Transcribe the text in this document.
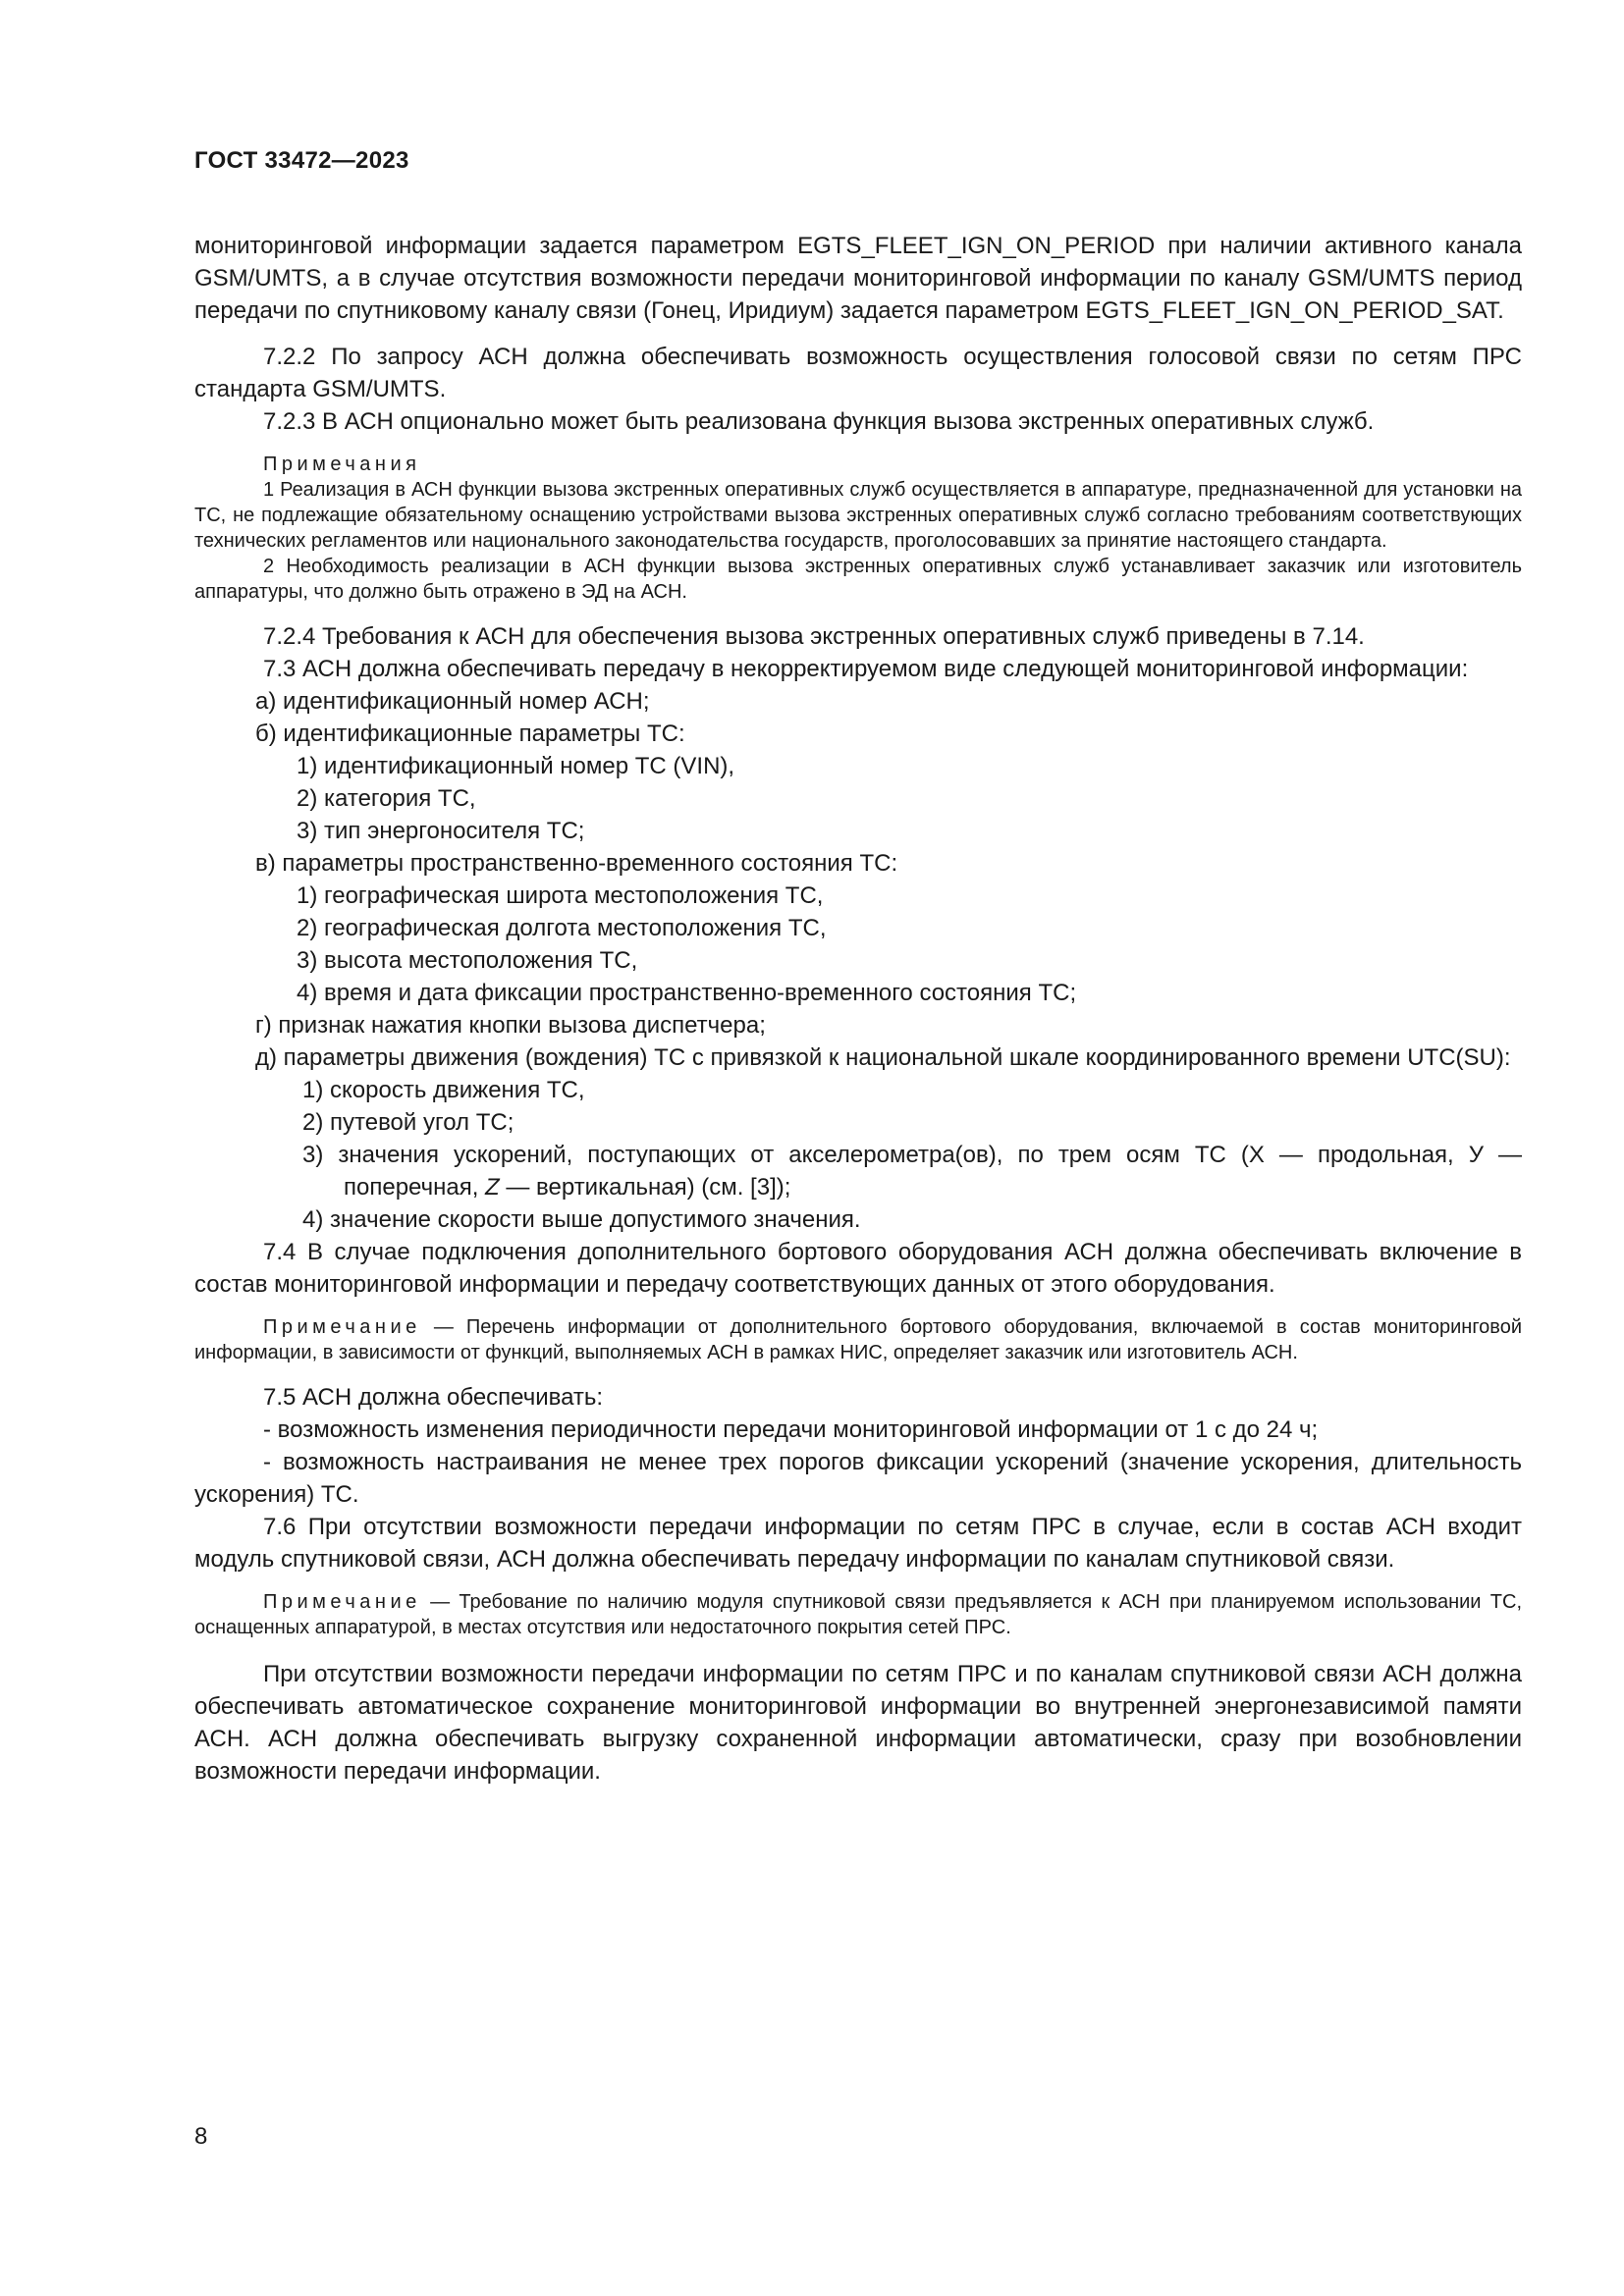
ГОСТ 33472—2023

мониторинговой информации задается параметром EGTS_FLEET_IGN_ON_PERIOD при наличии активного канала GSM/UMTS, а в случае отсутствия возможности передачи мониторинговой информации по каналу GSM/UMTS период передачи по спутниковому каналу связи (Гонец, Иридиум) задается параметром EGTS_FLEET_IGN_ON_PERIOD_SAT.

7.2.2 По запросу АСН должна обеспечивать возможность осуществления голосовой связи по сетям ПРС стандарта GSM/UMTS.

7.2.3 В АСН опционально может быть реализована функция вызова экстренных оперативных служб.

Примечания

1 Реализация в АСН функции вызова экстренных оперативных служб осуществляется в аппаратуре, предназначенной для установки на ТС, не подлежащие обязательному оснащению устройствами вызова экстренных оперативных служб согласно требованиям соответствующих технических регламентов или национального законодательства государств, проголосовавших за принятие настоящего стандарта.

2 Необходимость реализации в АСН функции вызова экстренных оперативных служб устанавливает заказчик или изготовитель аппаратуры, что должно быть отражено в ЭД на АСН.

7.2.4 Требования к АСН для обеспечения вызова экстренных оперативных служб приведены в 7.14.

7.3 АСН должна обеспечивать передачу в некорректируемом виде следующей мониторинговой информации:

а) идентификационный номер АСН;

б) идентификационные параметры ТС:

1) идентификационный номер ТС (VIN),

2) категория ТС,

3) тип энергоносителя ТС;

в) параметры пространственно-временного состояния ТС:

1) географическая широта местоположения ТС,

2) географическая долгота местоположения ТС,

3) высота местоположения ТС,

4) время и дата фиксации пространственно-временного состояния ТС;

г) признак нажатия кнопки вызова диспетчера;

д) параметры движения (вождения) ТС с привязкой к национальной шкале координированного времени UTC(SU):

1) скорость движения ТС,

2) путевой угол ТС;

3) значения ускорений, поступающих от акселерометра(ов), по трем осям ТС (Х — продольная, У — поперечная, Z — вертикальная) (см. [3]);

4) значение скорости выше допустимого значения.

7.4 В случае подключения дополнительного бортового оборудования АСН должна обеспечивать включение в состав мониторинговой информации и передачу соответствующих данных от этого оборудования.

Примечание — Перечень информации от дополнительного бортового оборудования, включаемой в состав мониторинговой информации, в зависимости от функций, выполняемых АСН в рамках НИС, определяет заказчик или изготовитель АСН.

7.5 АСН должна обеспечивать:

- возможность изменения периодичности передачи мониторинговой информации от 1 с до 24 ч;

- возможность настраивания не менее трех порогов фиксации ускорений (значение ускорения, длительность ускорения) ТС.

7.6 При отсутствии возможности передачи информации по сетям ПРС в случае, если в состав АСН входит модуль спутниковой связи, АСН должна обеспечивать передачу информации по каналам спутниковой связи.

Примечание — Требование по наличию модуля спутниковой связи предъявляется к АСН при планируемом использовании ТС, оснащенных аппаратурой, в местах отсутствия или недостаточного покрытия сетей ПРС.

При отсутствии возможности передачи информации по сетям ПРС и по каналам спутниковой связи АСН должна обеспечивать автоматическое сохранение мониторинговой информации во внутренней энергонезависимой памяти АСН. АСН должна обеспечивать выгрузку сохраненной информации автоматически, сразу при возобновлении возможности передачи информации.

8
